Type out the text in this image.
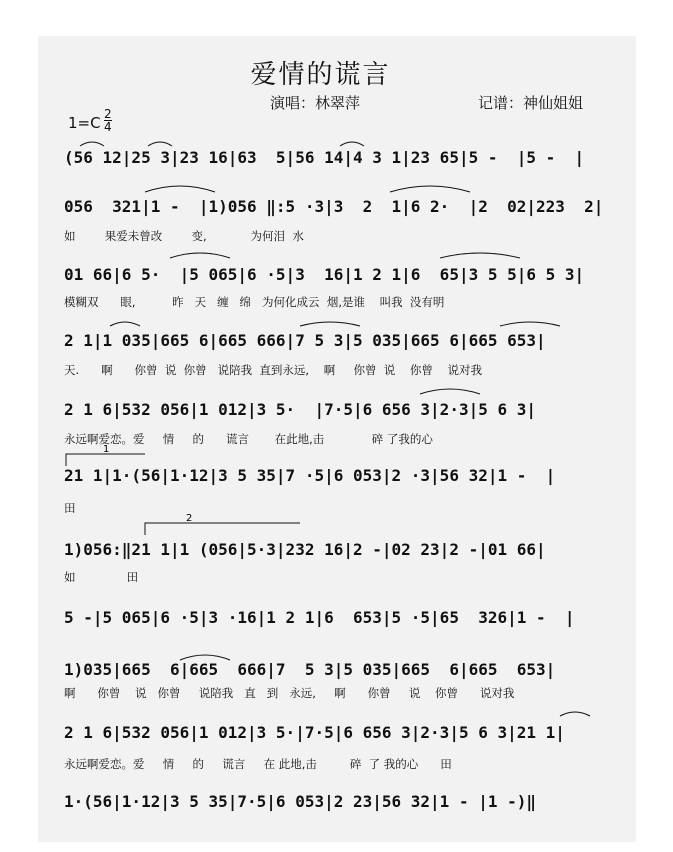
爱情的谎言
演唱：林翠萍	记谱：神仙姐姐
$1=C \frac{2}{4}$
(56 12|25 3|23 16|63  5|56 14|4 3 1|23 65|5 -  |5 -  |
056  321|1 -  |1)056 ‖:5 ·3|3  2  1|6 2·  |2  02|223  2|
如        果爱未曾改        变,            为何泪  水
01 66|6 5·  |5 065|6 ·5|3  16|1 2 1|6  65|3 5 5|6 5 3|
模糊双      眼,          昨   天   缠   绵   为何化成云  烟,是谁    叫我  没有明
2 1|1 035|665 6|665 666|7 5 3|5 035|665 6|665 653|
天.      啊      你曾  说  你曾   说陪我  直到永远,    啊     你曾  说    你曾    说对我
2 1 6|532 056|1 012|3 5·  |7·5|6 656 3|2·3|5 6 3|
永远啊爱恋。爱     情     的      谎言       在此地,击             碎 了我的心
21 1|1·(56|1·12|3 5 35|7 ·5|6 053|2 ·3|56 32|1 -  |
田
1)056:‖21 1|1 (056|5·3|232 16|2 -|02 23|2 -|01 66|
如              田
5 -|5 065|6 ·5|3 ·16|1 2 1|6  653|5 ·5|65  326|1 -  |
1)035|665  6|665  666|7  5 3|5 035|665  6|665  653|
啊      你曾    说   你曾     说陪我   直   到   永远,     啊      你曾     说    你曾      说对我
2 1 6|532 056|1 012|3 5·|7·5|6 656 3|2·3|5 6 3|21 1|
永远啊爱恋。爱     情     的     谎言     在 此地,击         碎  了 我的心      田
1·(56|1·12|3 5 35|7·5|6 053|2 23|56 32|1 - |1 -)‖
1
2
